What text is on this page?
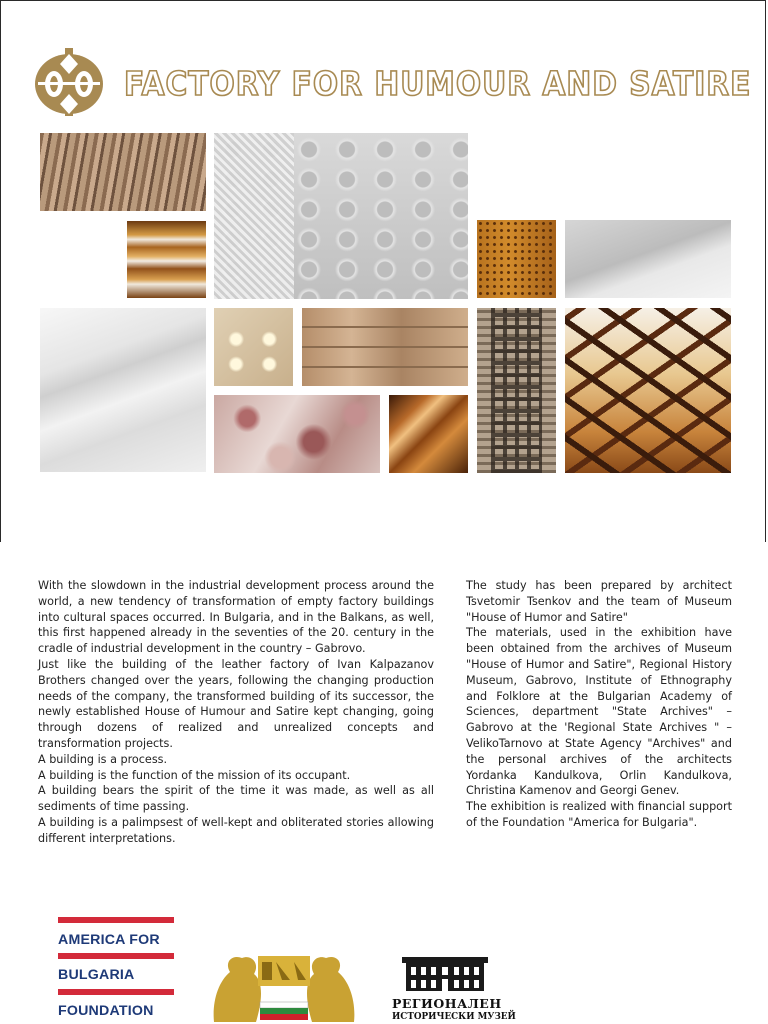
FACTORY FOR HUMOUR AND SATIRE

With the slowdown in the industrial development process around the world, a new tendency of transformation of empty factory buildings into cultural spaces occurred. In Bulgaria, and in the Balkans, as well, this first happened already in the seventies of the 20. century in the cradle of industrial development in the country – Gabrovo.

Just like the building of the leather factory of Ivan Kalpazanov Brothers changed over the years, following the changing production needs of the company, the transformed building of its successor, the newly established House of Humour and Satire kept changing, going through dozens of realized and unrealized concepts and transformation projects.

A building is a process.

A building is the function of the mission of its occupant.

A building bears the spirit of the time it was made, as well as all sediments of time passing.

A building is a palimpsest of well-kept and obliterated stories allowing different interpretations.

The study has been prepared by architect Tsvetomir Tsenkov and the team of Museum "House of Humor and Satire"

The materials, used in the exhibition have been obtained from the archives of Museum "House of Humor and Satire", Regional History Museum, Gabrovo, Institute of Ethnography and Folklore at the Bulgarian Academy of Sciences, department "State Archives" – Gabrovo at the 'Regional State Archives " – VelikoTarnovo at State Agency "Archives" and the personal archives of the architects Yordanka Kandulkova, Orlin Kandulkova, Christina Kamenov and Georgi Genev.

The exhibition is realized with financial support of the Foundation "America for Bulgaria".

AMERICA FOR
BULGARIA
FOUNDATION	РЕГИОНАЛЕН
ИСТОРИЧЕСКИ МУЗЕЙ
